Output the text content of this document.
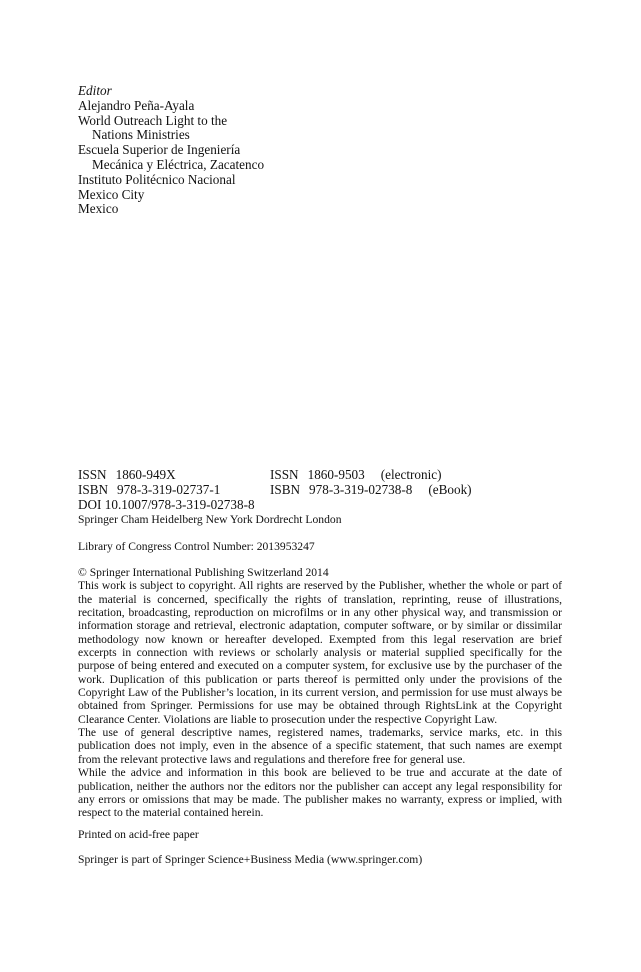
Editor
Alejandro Peña-Ayala
World Outreach Light to the
Nations Ministries
Escuela Superior de Ingeniería
Mecánica y Eléctrica, Zacatenco
Instituto Politécnico Nacional
Mexico City
Mexico
ISSN 1860-949X	ISSN 1860-9503 (electronic)
ISBN 978-3-319-02737-1	ISBN 978-3-319-02738-8 (eBook)
DOI 10.1007/978-3-319-02738-8
Springer Cham Heidelberg New York Dordrecht London
Library of Congress Control Number: 2013953247

© Springer International Publishing Switzerland 2014

This work is subject to copyright. All rights are reserved by the Publisher, whether the whole or part of the material is concerned, specifically the rights of translation, reprinting, reuse of illustrations, recitation, broadcasting, reproduction on microfilms or in any other physical way, and transmission or information storage and retrieval, electronic adaptation, computer software, or by similar or dissimilar methodology now known or hereafter developed. Exempted from this legal reservation are brief excerpts in connection with reviews or scholarly analysis or material supplied specifically for the purpose of being entered and executed on a computer system, for exclusive use by the purchaser of the work. Duplication of this publication or parts thereof is permitted only under the provisions of the Copyright Law of the Publisher’s location, in its current version, and permission for use must always be obtained from Springer. Permissions for use may be obtained through RightsLink at the Copyright Clearance Center. Violations are liable to prosecution under the respective Copyright Law.

The use of general descriptive names, registered names, trademarks, service marks, etc. in this publication does not imply, even in the absence of a specific statement, that such names are exempt from the relevant protective laws and regulations and therefore free for general use.

While the advice and information in this book are believed to be true and accurate at the date of publication, neither the authors nor the editors nor the publisher can accept any legal responsibility for any errors or omissions that may be made. The publisher makes no warranty, express or implied, with respect to the material contained herein.

Printed on acid-free paper
Springer is part of Springer Science+Business Media (www.springer.com)
